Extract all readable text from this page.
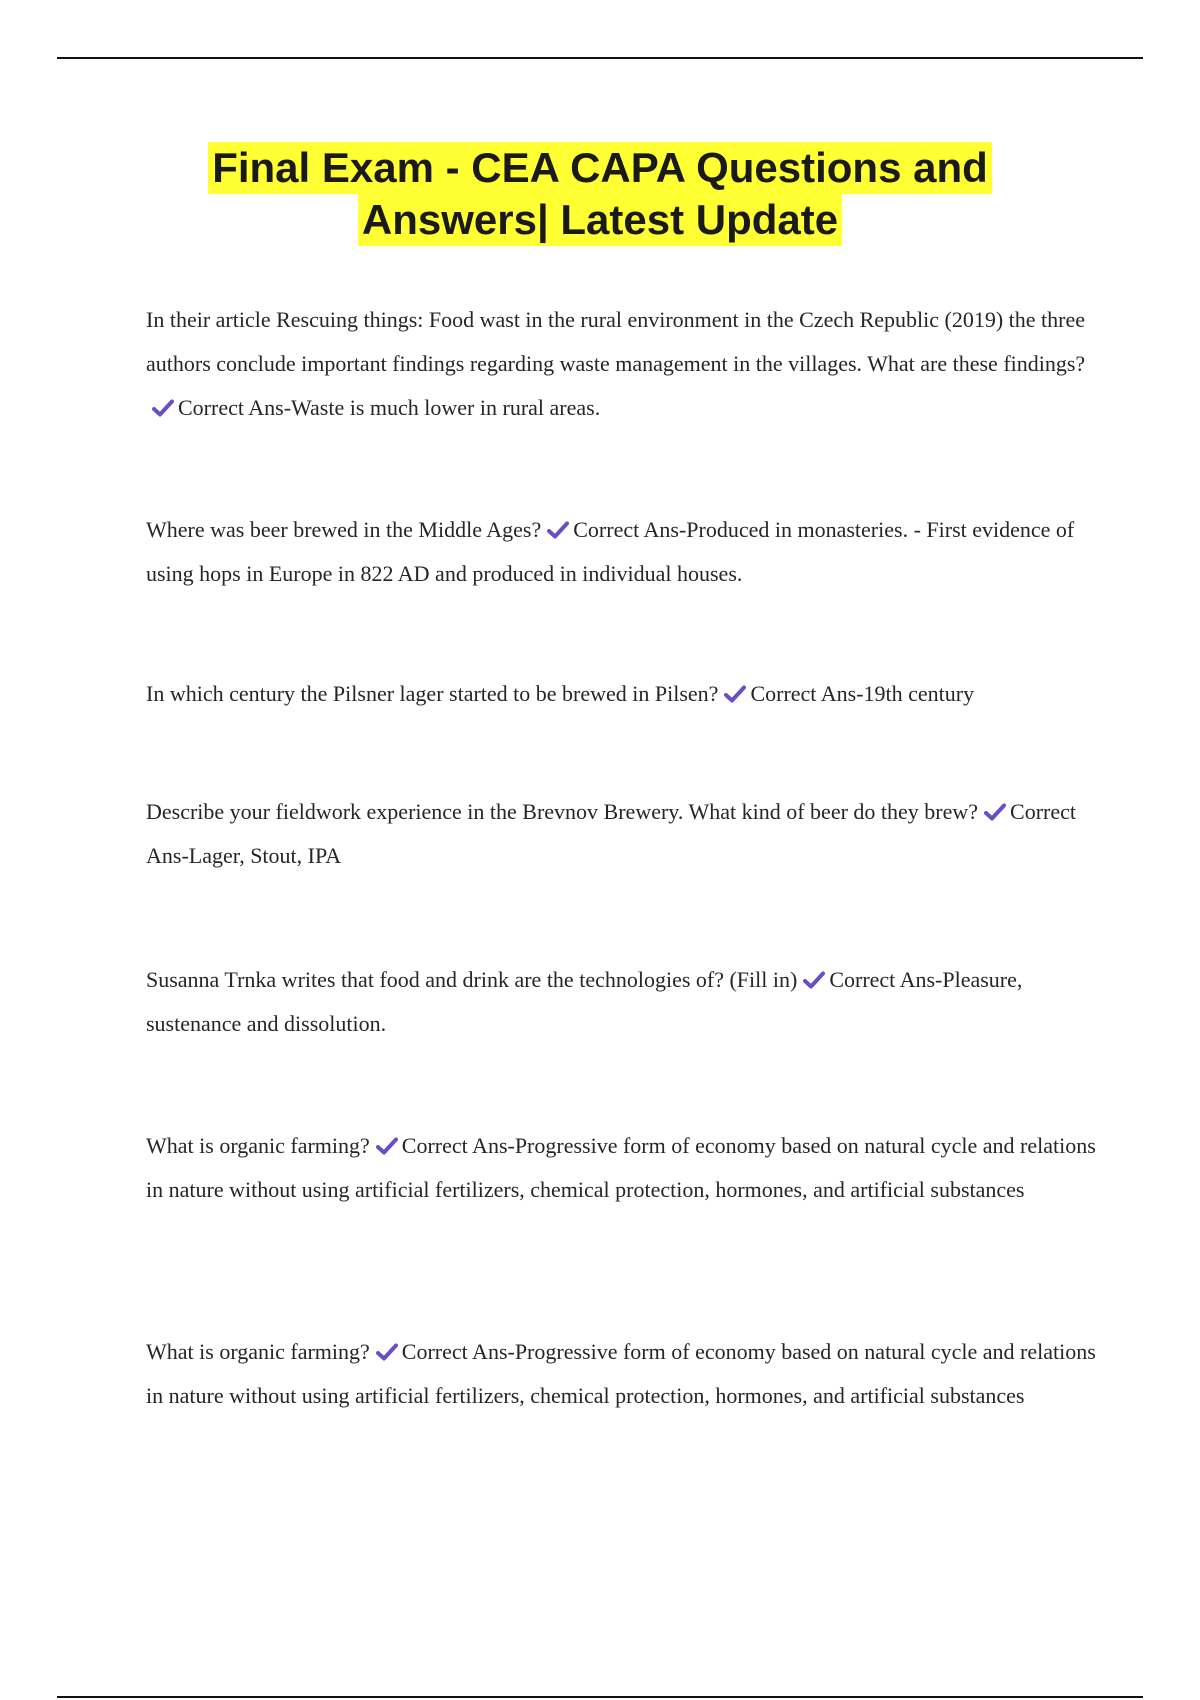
Final Exam - CEA CAPA Questions and
Answers| Latest Update
In their article Rescuing things: Food wast in the rural environment in the Czech Republic (2019) the three authors conclude important findings regarding waste management in the villages. What are these findings?
Correct Ans-Waste is much lower in rural areas.
Where was beer brewed in the Middle Ages? Correct Ans-Produced in monasteries. - First evidence of using hops in Europe in 822 AD and produced in individual houses.
In which century the Pilsner lager started to be brewed in Pilsen? Correct Ans-19th century
Describe your fieldwork experience in the Brevnov Brewery. What kind of beer do they brew? Correct Ans-Lager, Stout, IPA
Susanna Trnka writes that food and drink are the technologies of? (Fill in) Correct Ans-Pleasure, sustenance and dissolution.
What is organic farming? Correct Ans-Progressive form of economy based on natural cycle and relations in nature without using artificial fertilizers, chemical protection, hormones, and artificial substances
What is organic farming? Correct Ans-Progressive form of economy based on natural cycle and relations in nature without using artificial fertilizers, chemical protection, hormones, and artificial substances
